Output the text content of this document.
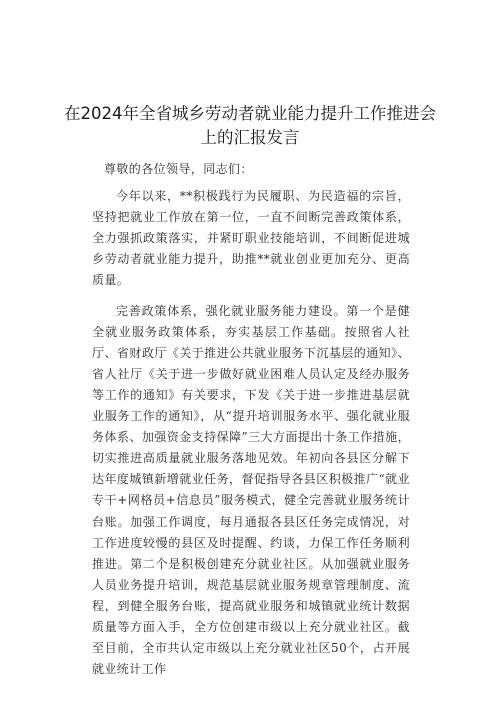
在2024年全省城乡劳动者就业能力提升工作推进会上的汇报发言

尊敬的各位领导，同志们：

今年以来，**积极践行为民履职、为民造福的宗旨，坚持把就业工作放在第一位，一直不间断完善政策体系，全力强抓政策落实，并紧盯职业技能培训，不间断促进城乡劳动者就业能力提升，助推**就业创业更加充分、更高质量。

完善政策体系，强化就业服务能力建设。第一个是健全就业服务政策体系，夯实基层工作基础。按照省人社厅、省财政厅《关于推进公共就业服务下沉基层的通知》、省人社厅《关于进一步做好就业困难人员认定及经办服务等工作的通知》有关要求，下发《关于进一步推进基层就业服务工作的通知》，从“提升培训服务水平、强化就业服务体系、加强资金支持保障”三大方面提出十条工作措施，切实推进高质量就业服务落地见效。年初向各县区分解下达年度城镇新增就业任务，督促指导各县区积极推广“就业专干+网格员+信息员”服务模式，健全完善就业服务统计台账。加强工作调度，每月通报各县区任务完成情况，对工作进度较慢的县区及时提醒、约谈，力保工作任务顺利推进。第二个是积极创建充分就业社区。从加强就业服务人员业务提升培训，规范基层就业服务规章管理制度、流程，到健全服务台账，提高就业服务和城镇就业统计数据质量等方面入手，全方位创建市级以上充分就业社区。截至目前，全市共认定市级以上充分就业社区50个，占开展就业统计工作
